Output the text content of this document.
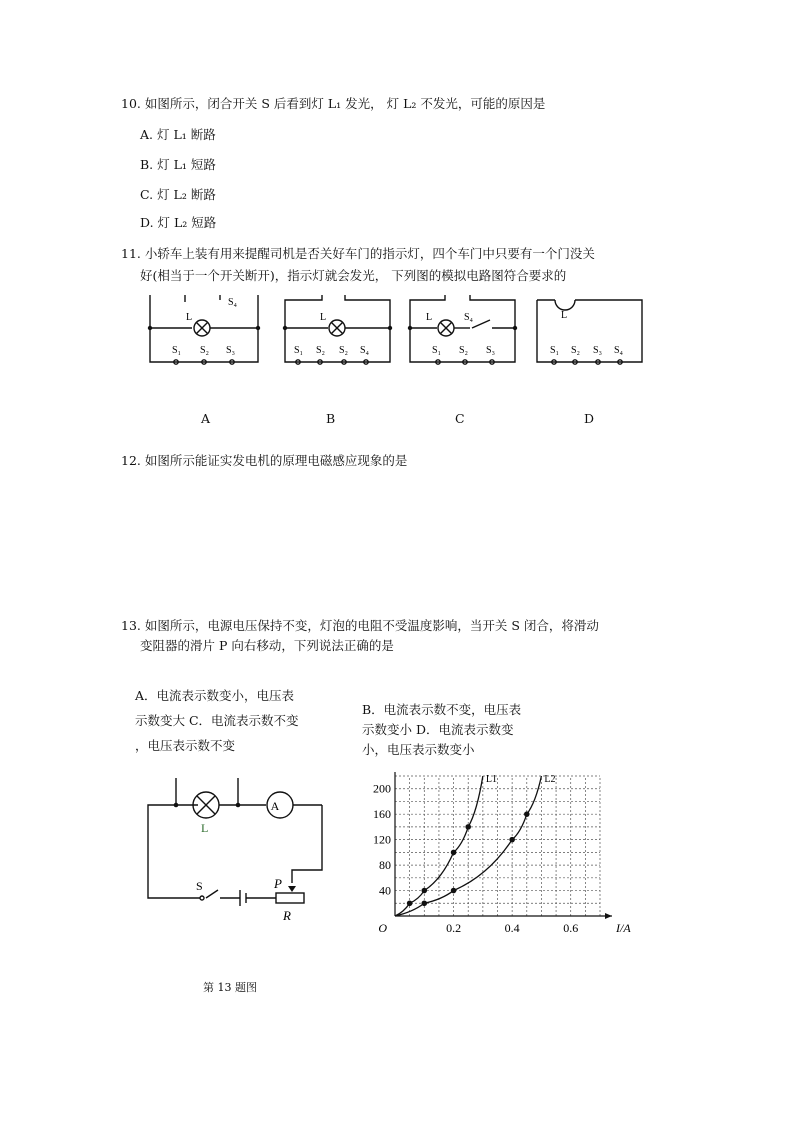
10. 如图所示，闭合开关 S 后看到灯 L₁ 发光， 灯 L₂ 不发光，可能的原因是
A. 灯 L₁ 断路
B. 灯 L₁ 短路
C. 灯 L₂ 断路
D. 灯 L₂ 短路
11. 小轿车上装有用来提醒司机是否关好车门的指示灯，四个车门中只要有一个门没关
好(相当于一个开关断开)，指示灯就会发光， 下列图的模拟电路图符合要求的
S₄
L
S₁ S₂ S₃
L
S₁ S₂ S₂ S₄
L	S₄
S₁ S₂ S₃
L
S₁ S₂ S₃ S₄
A	B	C	D
12. 如图所示能证实发电机的原理电磁感应现象的是
13. 如图所示，电源电压保持不变，灯泡的电阻不受温度影响，当开关 S 闭合，将滑动
变阻器的滑片 P 向右移动，下列说法正确的是
A．电流表示数变小，电压表
示数变大 C．电流表示数不变
，电压表示数不变
B．电流表示数不变，电压表
示数变小 D．电流表示数变
小，电压表示数变小
A
L
S	P
R
第 13 题图
0.2	0.4	0.6
40
80
120
160
200
O	I/A
L1	L2
